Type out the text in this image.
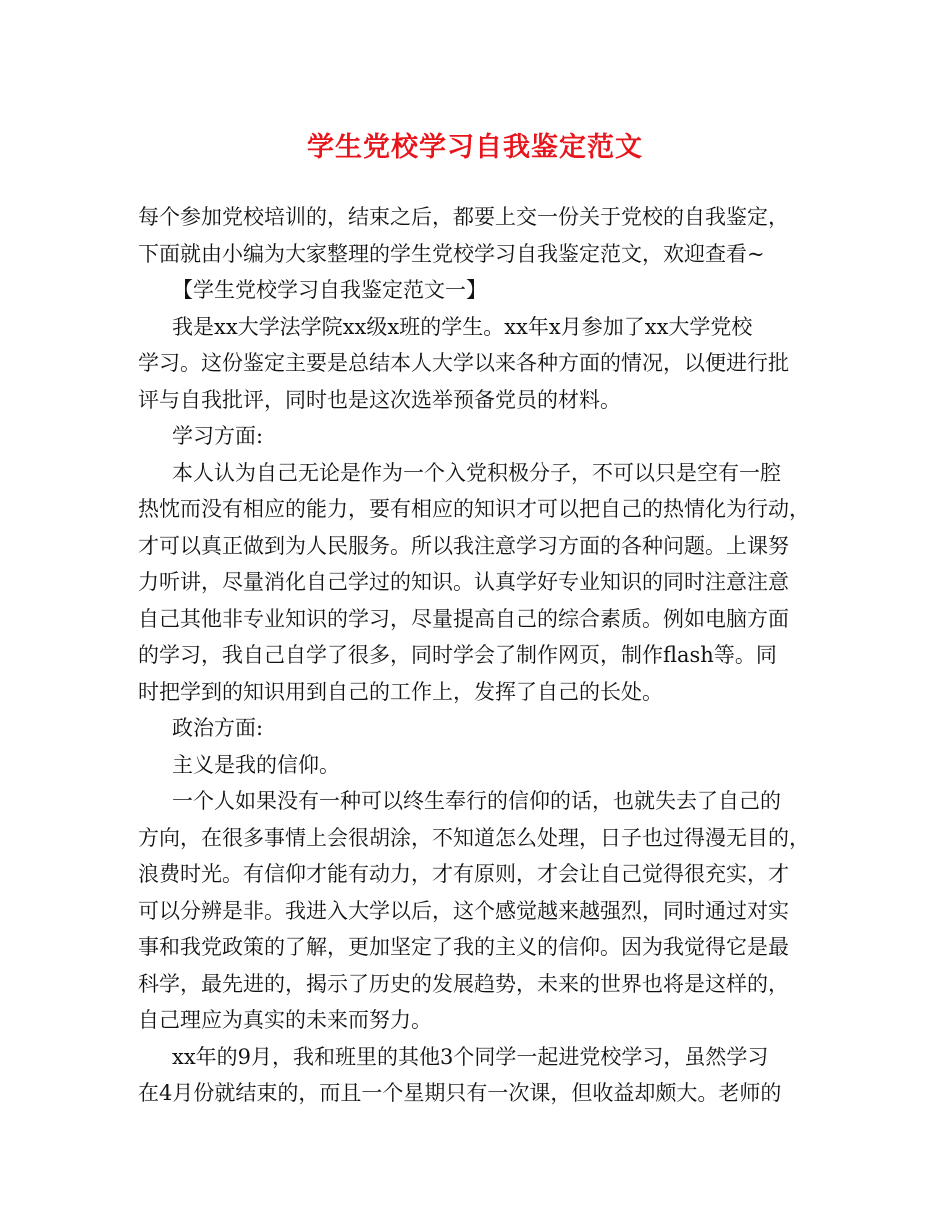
学生党校学习自我鉴定范文
每个参加党校培训的，结束之后，都要上交一份关于党校的自我鉴定，
下面就由小编为大家整理的学生党校学习自我鉴定范文，欢迎查看~
【学生党校学习自我鉴定范文一】
我是xx大学法学院xx级x班的学生。xx年x月参加了xx大学党校
学习。这份鉴定主要是总结本人大学以来各种方面的情况，以便进行批
评与自我批评，同时也是这次选举预备党员的材料。
学习方面:
本人认为自己无论是作为一个入党积极分子，不可以只是空有一腔
热忱而没有相应的能力，要有相应的知识才可以把自己的热情化为行动，
才可以真正做到为人民服务。所以我注意学习方面的各种问题。上课努
力听讲，尽量消化自己学过的知识。认真学好专业知识的同时注意注意
自己其他非专业知识的学习，尽量提高自己的综合素质。例如电脑方面
的学习，我自己自学了很多，同时学会了制作网页，制作flash等。同
时把学到的知识用到自己的工作上，发挥了自己的长处。
政治方面:
主义是我的信仰。
一个人如果没有一种可以终生奉行的信仰的话，也就失去了自己的
方向，在很多事情上会很胡涂，不知道怎么处理，日子也过得漫无目的，
浪费时光。有信仰才能有动力，才有原则，才会让自己觉得很充实，才
可以分辨是非。我进入大学以后，这个感觉越来越强烈，同时通过对实
事和我党政策的了解，更加坚定了我的主义的信仰。因为我觉得它是最
科学，最先进的，揭示了历史的发展趋势，未来的世界也将是这样的，
自己理应为真实的未来而努力。
xx年的9月，我和班里的其他3个同学一起进党校学习，虽然学习
在4月份就结束的，而且一个星期只有一次课，但收益却颇大。老师的
